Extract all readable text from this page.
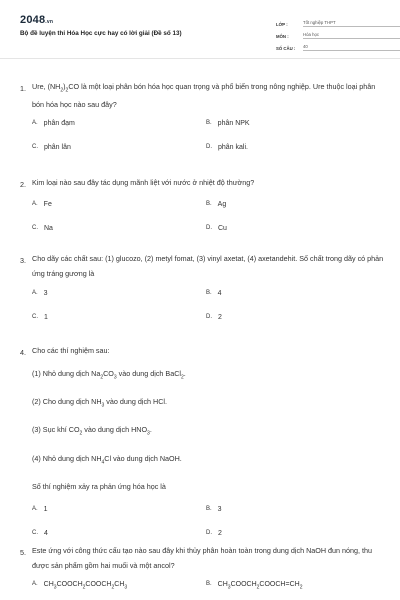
2048.vn
Bộ đề luyện thi Hóa Học cực hay có lời giải (Đề số 13)
LỚP :	Tốt nghiệp THPT
MÔN :	Hóa học
SỐ CÂU :	40
1. Ure, $(NH_2)_2CO$ là một loại phân bón hóa học quan trọng và phổ biến trong nông nghiệp. Ure thuộc loại phân bón hóa học nào sau đây?
A. phân đạm	B. phân NPK
C. phân lân	D. phân kali.
2. Kim loại nào sau đây tác dụng mãnh liệt với nước ở nhiệt độ thường?
A. Fe	B. Ag
C. Na	D. Cu
3. Cho dãy các chất sau: (1) glucozo, (2) metyl fomat, (3) vinyl axetat, (4) axetandehit. Số chất trong dãy có phản ứng tráng gương là
A. 3	B. 4
C. 1	D. 2
4. Cho các thí nghiệm sau:
(1) Nhỏ dung dịch $Na_2CO_3$ vào dung dịch BaCl$_2$.
(2) Cho dung dịch $NH_3$ vào dung dịch HCl.
(3) Sục khí $CO_2$ vào dung dịch $HNO_3$.
(4) Nhỏ dung dịch $NH_4Cl$ vào dung dịch NaOH.
Số thí nghiệm xảy ra phản ứng hóa học là
A. 1	B. 3
C. 4	D. 2
5. Este ứng với công thức cấu tạo nào sau đây khi thủy phân hoàn toàn trong dung dịch NaOH đun nóng, thu được sản phẩm gồm hai muối và một ancol?
A. $CH_3COOCH_2COOCH_2CH_3$
B. $CH_3COOCH_2COOCH=CH_2$
